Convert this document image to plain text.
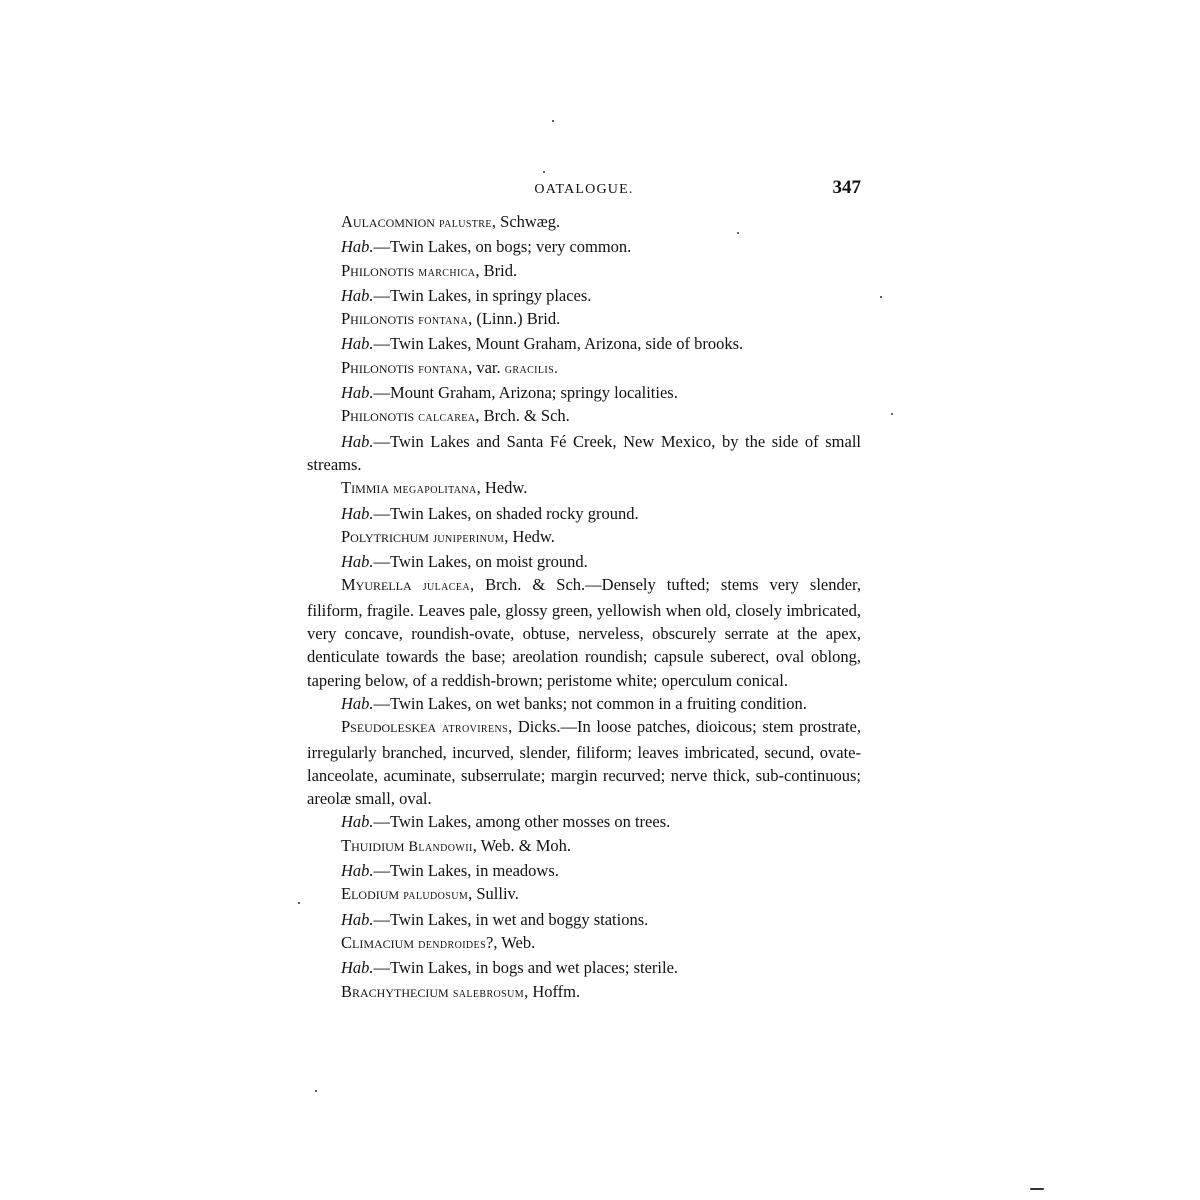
OATALOGUE.	347

Aulacomnion palustre, Schwæg.

Hab.—Twin Lakes, on bogs; very common.

Philonotis marchica, Brid.

Hab.—Twin Lakes, in springy places.

Philonotis fontana, (Linn.) Brid.

Hab.—Twin Lakes, Mount Graham, Arizona, side of brooks.

Philonotis fontana, var. gracilis.

Hab.—Mount Graham, Arizona; springy localities.

Philonotis calcarea, Brch. & Sch.

Hab.—Twin Lakes and Santa Fé Creek, New Mexico, by the side of small streams.

Timmia megapolitana, Hedw.

Hab.—Twin Lakes, on shaded rocky ground.

Polytrichum juniperinum, Hedw.

Hab.—Twin Lakes, on moist ground.

Myurella julacea, Brch. & Sch.—Densely tufted; stems very slender, filiform, fragile. Leaves pale, glossy green, yellowish when old, closely imbricated, very concave, roundish-ovate, obtuse, nerveless, obscurely serrate at the apex, denticulate towards the base; areolation roundish; capsule suberect, oval oblong, tapering below, of a reddish-brown; peristome white; operculum conical.

Hab.—Twin Lakes, on wet banks; not common in a fruiting condition.

Pseudoleskea atrovirens, Dicks.—In loose patches, dioicous; stem prostrate, irregularly branched, incurved, slender, filiform; leaves imbricated, secund, ovate-lanceolate, acuminate, subserrulate; margin recurved; nerve thick, sub-continuous; areolæ small, oval.

Hab.—Twin Lakes, among other mosses on trees.

Thuidium Blandowii, Web. & Moh.

Hab.—Twin Lakes, in meadows.

Elodium paludosum, Sulliv.

Hab.—Twin Lakes, in wet and boggy stations.

Climacium dendroides?, Web.

Hab.—Twin Lakes, in bogs and wet places; sterile.

Brachythecium salebrosum, Hoffm.
